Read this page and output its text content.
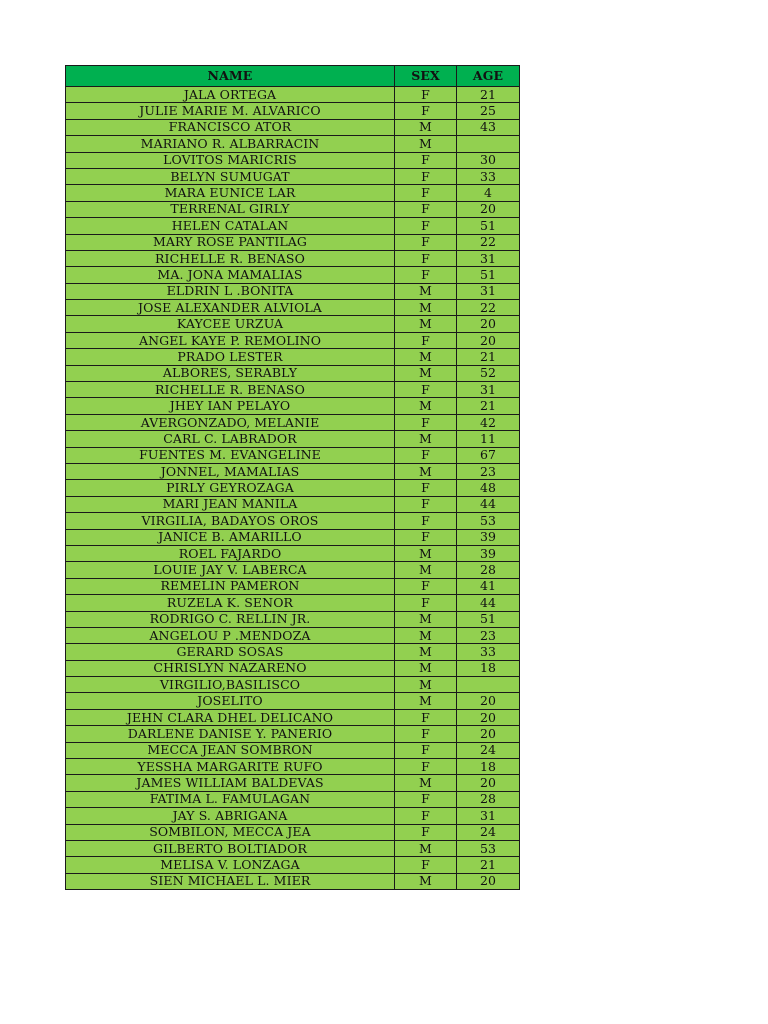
NAME	SEX	AGE
JALA ORTEGA	F	21
JULIE MARIE M. ALVARICO	F	25
FRANCISCO ATOR	M	43
MARIANO R. ALBARRACIN	M	
LOVITOS MARICRIS	F	30
BELYN SUMUGAT	F	33
MARA EUNICE LAR	F	4
TERRENAL GIRLY	F	20
HELEN CATALAN	F	51
MARY ROSE PANTILAG	F	22
RICHELLE R. BENASO	F	31
MA. JONA MAMALIAS	F	51
ELDRIN L .BONITA	M	31
JOSE ALEXANDER ALVIOLA	M	22
KAYCEE URZUA	M	20
ANGEL KAYE P. REMOLINO	F	20
PRADO LESTER	M	21
ALBORES, SERABLY	M	52
RICHELLE R. BENASO	F	31
JHEY IAN PELAYO	M	21
AVERGONZADO, MELANIE	F	42
CARL C. LABRADOR	M	11
FUENTES M. EVANGELINE	F	67
JONNEL, MAMALIAS	M	23
PIRLY GEYROZAGA	F	48
MARI JEAN MANILA	F	44
VIRGILIA, BADAYOS OROS	F	53
JANICE B. AMARILLO	F	39
ROEL FAJARDO	M	39
LOUIE JAY V. LABERCA	M	28
REMELIN PAMERON	F	41
RUZELA K. SENOR	F	44
RODRIGO C. RELLIN JR.	M	51
ANGELOU P .MENDOZA	M	23
GERARD SOSAS	M	33
CHRISLYN NAZARENO	M	18
VIRGILIO,BASILISCO	M	
JOSELITO	M	20
JEHN CLARA DHEL DELICANO	F	20
DARLENE DANISE Y. PANERIO	F	20
MECCA JEAN SOMBRON	F	24
YESSHA MARGARITE RUFO	F	18
JAMES WILLIAM BALDEVAS	M	20
FATIMA L. FAMULAGAN	F	28
JAY S. ABRIGANA	F	31
SOMBILON, MECCA JEA	F	24
GILBERTO BOLTIADOR	M	53
MELISA V. LONZAGA	F	21
SIEN MICHAEL L. MIER	M	20
